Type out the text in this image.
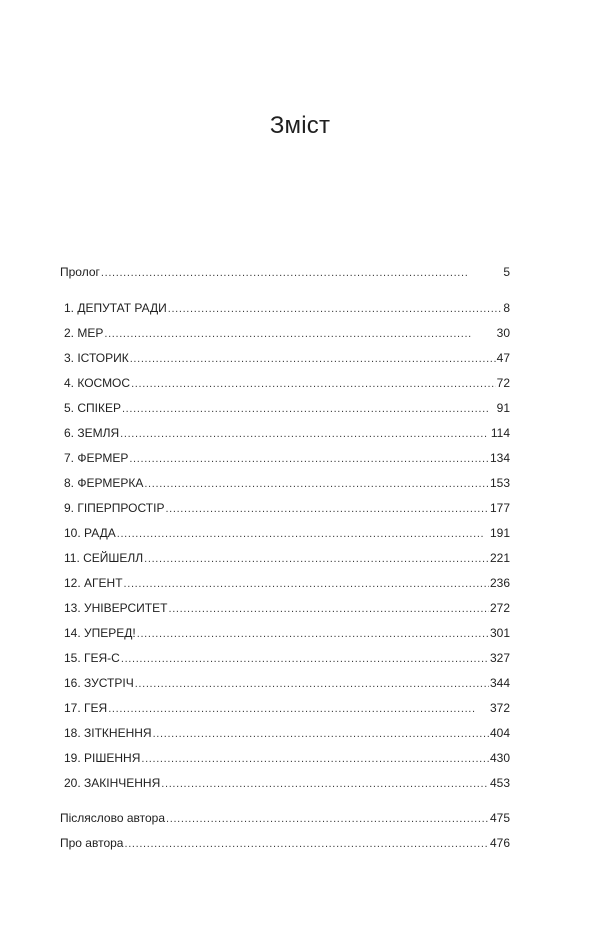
Зміст
Пролог . . .	5
1. ДЕПУТАТ РАДИ . . .	8
2. МЕР . . .	30
3. ІСТОРИК . . .	47
4. КОСМОС . . .	72
5. СПІКЕР . . .	91
6. ЗЕМЛЯ . . .	114
7. ФЕРМЕР . . .	134
8. ФЕРМЕРКА . . .	153
9. ГІПЕРПРОСТІР . . .	177
10. РАДА . . .	191
11. СЕЙШЕЛЛ . . .	221
12. АГЕНТ . . .	236
13. УНІВЕРСИТЕТ . . .	272
14. УПЕРЕД! . . .	301
15. ГЕЯ-С . . .	327
16. ЗУСТРІЧ . . .	344
17. ГЕЯ . . .	372
18. ЗІТКНЕННЯ . . .	404
19. РІШЕННЯ . . .	430
20. ЗАКІНЧЕННЯ . . .	453
Післяслово автора . . .	475
Про автора . . .	476
